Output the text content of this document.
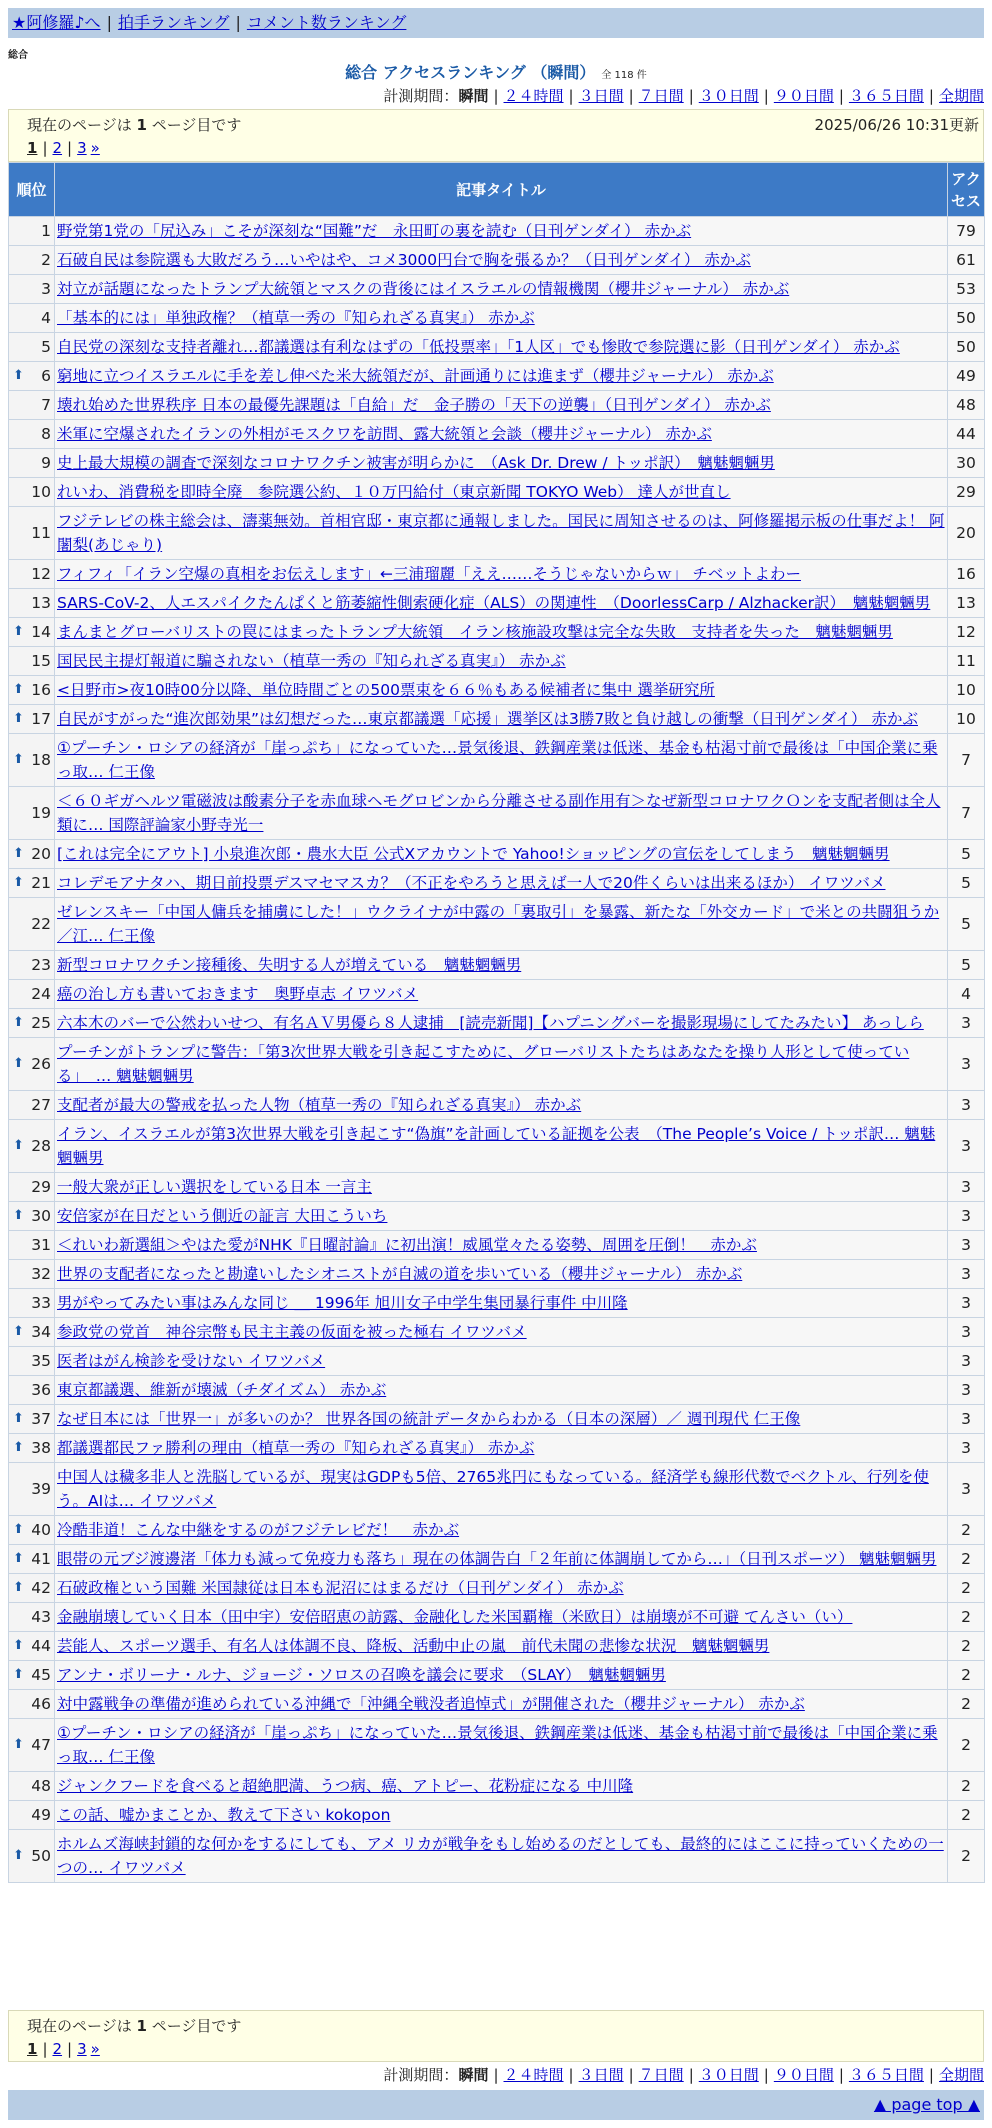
★阿修羅♪へ | 拍手ランキング | コメント数ランキング
総合
総合 アクセスランキング （瞬間） 全 118 件
計測期間：瞬間 | ２４時間 | ３日間 | ７日間 | ３０日間 | ９０日間 | ３６５日間 | 全期間
現在のページは 1 ページ目です	2025/06/26 10:31更新
1 | 2 | 3 »
順位	記事タイトル	アクセス
1	野党第1党の「尻込み」こそが深刻な“国難”だ　永田町の裏を読む（日刊ゲンダイ） 赤かぶ	79
2	石破自民は参院選も大敗だろう…いやはや、コメ3000円台で胸を張るか？（日刊ゲンダイ） 赤かぶ	61
3	対立が話題になったトランプ大統領とマスクの背後にはイスラエルの情報機関（櫻井ジャーナル） 赤かぶ	53
4	「基本的には」単独政権？（植草一秀の『知られざる真実』） 赤かぶ	50
5	自民党の深刻な支持者離れ…都議選は有利なはずの「低投票率」「1人区」でも惨敗で参院選に影（日刊ゲンダイ） 赤かぶ	50

⬆ 6	窮地に立つイスラエルに手を差し伸べた米大統領だが、計画通りには進まず（櫻井ジャーナル） 赤かぶ	49
7	壊れ始めた世界秩序 日本の最優先課題は「自給」だ　金子勝の「天下の逆襲」（日刊ゲンダイ） 赤かぶ	48
8	米軍に空爆されたイランの外相がモスクワを訪問、露大統領と会談（櫻井ジャーナル） 赤かぶ	44
9	史上最大規模の調査で深刻なコロナワクチン被害が明らかに　（Ask Dr. Drew / トッポ訳）　魑魅魍魎男	30
10	れいわ、消費税を即時全廃　参院選公約、１０万円給付（東京新聞 TOKYO Web） 達人が世直し	29
11	フジテレビの株主総会は、濤薬無効。首相官邸・東京都に通報しました。国民に周知させるのは、阿修羅掲示板の仕事だよ！ 阿闍梨(あじゃり)	20
12	フィフィ「イラン空爆の真相をお伝えします」←三浦瑠麗「ええ……そうじゃないからｗ」 チベットよわー	16
13	SARS-CoV-2、人エスパイクたんぱくと筋萎縮性側索硬化症（ALS）の関連性　（DoorlessCarp / Alzhacker訳）　魑魅魍魎男	13

⬆ 14	まんまとグローバリストの罠にはまったトランプ大統領　イラン核施設攻撃は完全な失敗　支持者を失った　魑魅魍魎男	12
15	国民民主提灯報道に騙されない（植草一秀の『知られざる真実』） 赤かぶ	11

⬆ 16	<日野市>夜10時00分以降、単位時間ごとの500票束を６６％もある候補者に集中 選挙研究所	10

⬆ 17	自民がすがった“進次郎効果”は幻想だった…東京都議選「応援」選挙区は3勝7敗と負け越しの衝撃（日刊ゲンダイ） 赤かぶ	10

⬆ 18	①プーチン・ロシアの経済が「崖っぷち」になっていた…景気後退、鉄鋼産業は低迷、基金も枯渇寸前で最後は「中国企業に乗っ取… 仁王像	7
19	＜６０ギガヘルツ電磁波は酸素分子を赤血球ヘモグロビンから分離させる副作用有＞なぜ新型コロナワクＯンを支配者側は全人類に… 国際評論家小野寺光一	7

⬆ 20	[これは完全にアウト] 小泉進次郎・農水大臣 公式Xアカウントで Yahoo!ショッピングの宣伝をしてしまう　魑魅魍魎男	5

⬆ 21	コレデモアナタハ、期日前投票デスマセマスカ？（不正をやろうと思えば一人で20件くらいは出来るほか） イワツバメ	5
22	ゼレンスキー「中国人傭兵を捕虜にした！」ウクライナが中露の「裏取引」を暴露、新たな「外交カード」で米との共闘狙うか／江… 仁王像	5
23	新型コロナワクチン接種後、失明する人が増えている　魑魅魍魎男	5
24	癌の治し方も書いておきます　奥野卓志 イワツバメ	4

⬆ 25	六本木のバーで公然わいせつ、有名ＡＶ男優ら８人逮捕　[読売新聞]【ハプニングバーを撮影現場にしてたみたい】 あっしら	3

⬆ 26	プーチンがトランプに警告：「第3次世界大戦を引き起こすために、グローバリストたちはあなたを操り人形として使っている」　… 魑魅魍魎男	3
27	支配者が最大の警戒を払った人物（植草一秀の『知られざる真実』） 赤かぶ	3

⬆ 28	イラン、イスラエルが第3次世界大戦を引き起こす“偽旗”を計画している証拠を公表　（The People’s Voice / トッポ訳… 魑魅魍魎男	3
29	一般大衆が正しい選択をしている日本 一言主	3

⬆ 30	安倍家が在日だという側近の証言 大田こういち	3
31	＜れいわ新選組＞やはた愛がNHK『日曜討論』に初出演！威風堂々たる姿勢、周囲を圧倒！　赤かぶ	3
32	世界の支配者になったと勘違いしたシオニストが自滅の道を歩いている（櫻井ジャーナル） 赤かぶ	3
33	男がやってみたい事はみんな同じ ＿ 1996年 旭川女子中学生集団暴行事件 中川隆	3

⬆ 34	参政党の党首　神谷宗幣も民主主義の仮面を被った極右 イワツバメ	3
35	医者はがん検診を受けない イワツバメ	3
36	東京都議選、維新が壊滅（チダイズム） 赤かぶ	3

⬆ 37	なぜ日本には「世界一」が多いのか？ 世界各国の統計データからわかる（日本の深層）／ 週刊現代 仁王像	3

⬆ 38	都議選都民ファ勝利の理由（植草一秀の『知られざる真実』） 赤かぶ	3
39	中国人は穢多非人と洗脳しているが、現実はGDPも5倍、2765兆円にもなっている。経済学も線形代数でベクトル、行列を使う。AIは… イワツバメ	3

⬆ 40	冷酷非道！こんな中継をするのがフジテレビだ！　赤かぶ	2

⬆ 41	眼帯の元ブジ渡邊渚「体力も減って免疫力も落ち」現在の体調告白「２年前に体調崩してから…」（日刊スポーツ） 魑魅魍魎男	2

⬆ 42	石破政権という国難 米国隷従は日本も泥沼にはまるだけ（日刊ゲンダイ） 赤かぶ	2
43	金融崩壊していく日本（田中宇）安倍昭恵の訪露、金融化した米国覇権（米欧日）は崩壊が不可避 てんさい（い）	2

⬆ 44	芸能人、スポーツ選手、有名人は体調不良、降板、活動中止の嵐　前代未聞の悲惨な状況　魑魅魍魎男	2

⬆ 45	アンナ・ボリーナ・ルナ、ジョージ・ソロスの召喚を議会に要求　（SLAY）　魑魅魍魎男	2
46	対中露戦争の準備が進められている沖縄で「沖縄全戦没者追悼式」が開催された（櫻井ジャーナル） 赤かぶ	2

⬆ 47	①プーチン・ロシアの経済が「崖っぷち」になっていた…景気後退、鉄鋼産業は低迷、基金も枯渇寸前で最後は「中国企業に乗っ取… 仁王像	2
48	ジャンクフードを食べると超絶肥満、うつ病、癌、アトピー、花粉症になる 中川隆	2
49	この話、嘘かまことか、教えて下さい kokopon	2

⬆ 50	ホルムズ海峡封鎖的な何かをするにしても、アメ リカが戦争をもし始めるのだとしても、最終的にはここに持っていくための一つの… イワツバメ	2
計測期間：瞬間 | ２４時間 | ３日間 | ７日間 | ３０日間 | ９０日間 | ３６５日間 | 全期間
現在のページは 1 ページ目です
1 | 2 | 3 »
▲ page top ▲
